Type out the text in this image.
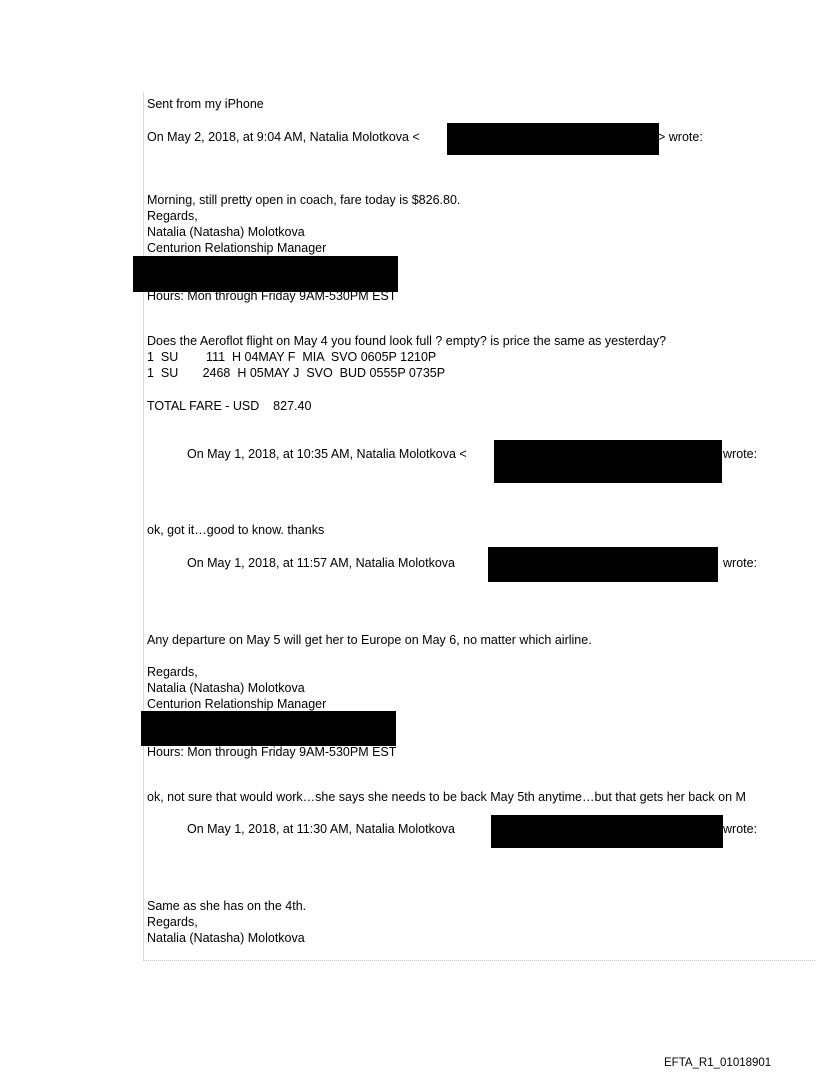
Sent from my iPhone
On May 2, 2018, at 9:04 AM, Natalia Molotkova <	> wrote:
Morning, still pretty open in coach, fare today is $826.80.
Regards,
Natalia (Natasha) Molotkova
Centurion Relationship Manager
Hours: Mon through Friday 9AM-530PM EST
Does the Aeroflot flight on May 4 you found look full ? empty? is price the same as yesterday?
1  SU        111  H 04MAY F  MIA  SVO 0605P 1210P
1  SU       2468  H 05MAY J  SVO  BUD 0555P 0735P
TOTAL FARE - USD    827.40
On May 1, 2018, at 10:35 AM, Natalia Molotkova <	wrote:
ok, got it…good to know. thanks
On May 1, 2018, at 11:57 AM, Natalia Molotkova	wrote:
Any departure on May 5 will get her to Europe on May 6, no matter which airline.
Regards,
Natalia (Natasha) Molotkova
Centurion Relationship Manager
Hours: Mon through Friday 9AM-530PM EST
ok, not sure that would work…she says she needs to be back May 5th anytime…but that gets her back on M
On May 1, 2018, at 11:30 AM, Natalia Molotkova	wrote:
Same as she has on the 4th.
Regards,
Natalia (Natasha) Molotkova
EFTA_R1_01018901
